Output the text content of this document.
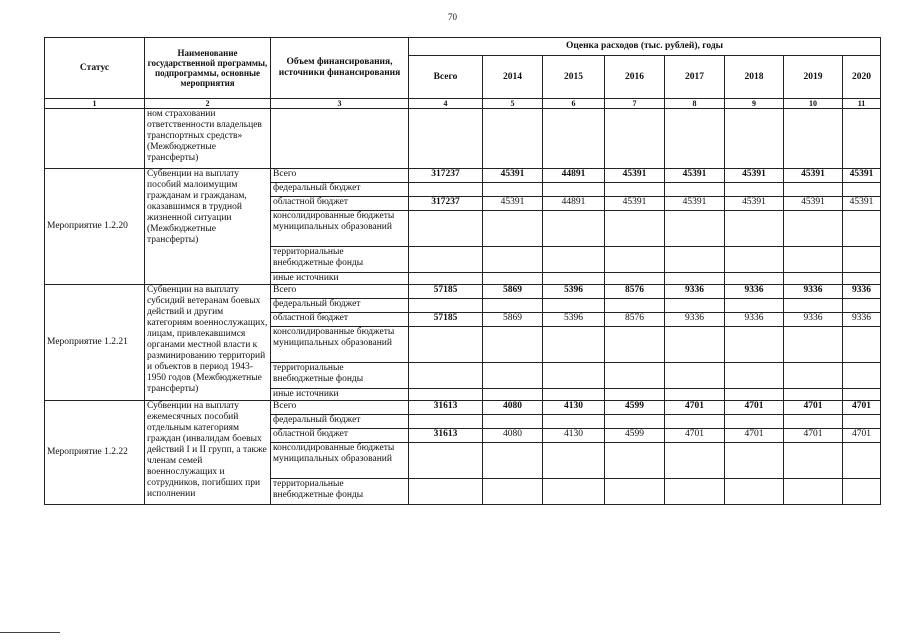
70
Статус	Наименование государственной программы, подпрограммы, основные мероприятия	Объем финансирования, источники финансирования	Оценка расходов (тыс. рублей), годы							
			Всего	2014	2015	2016	2017	2018	2019	2020
1	2	3	4	5	6	7	8	9	10	11
	ном страховании ответственности владельцев транспортных средств» (Межбюджетные трансферты)									
Мероприятие 1.2.20	Субвенции на выплату пособий малоимущим гражданам и гражданам, оказавшимся в трудной жизненной ситуации (Межбюджетные трансферты)	Всего	317237	45391	44891	45391	45391	45391	45391	45391
		федеральный бюджет								
		областной бюджет	317237	45391	44891	45391	45391	45391	45391	45391
		консолидированные бюджеты муниципальных образований								
		территориальные внебюджетные фонды								
		иные источники								
Мероприятие 1.2.21	Субвенции на выплату субсидий ветеранам боевых действий и другим категориям военнослужащих, лицам, привлекавшимся органами местной власти к разминированию территорий и объектов в период 1943-1950 годов (Межбюджетные трансферты)	Всего	57185	5869	5396	8576	9336	9336	9336	9336
		федеральный бюджет								
		областной бюджет	57185	5869	5396	8576	9336	9336	9336	9336
		консолидированные бюджеты муниципальных образований								
		территориальные внебюджетные фонды								
		иные источники								
Мероприятие 1.2.22	Субвенции на выплату ежемесячных пособий отдельным категориям граждан (инвалидам боевых действий I и II групп, а также членам семей военнослужащих и сотрудников, погибших при исполнении	Всего	31613	4080	4130	4599	4701	4701	4701	4701
		федеральный бюджет								
		областной бюджет	31613	4080	4130	4599	4701	4701	4701	4701
		консолидированные бюджеты муниципальных образований								
		территориальные внебюджетные фонды								
